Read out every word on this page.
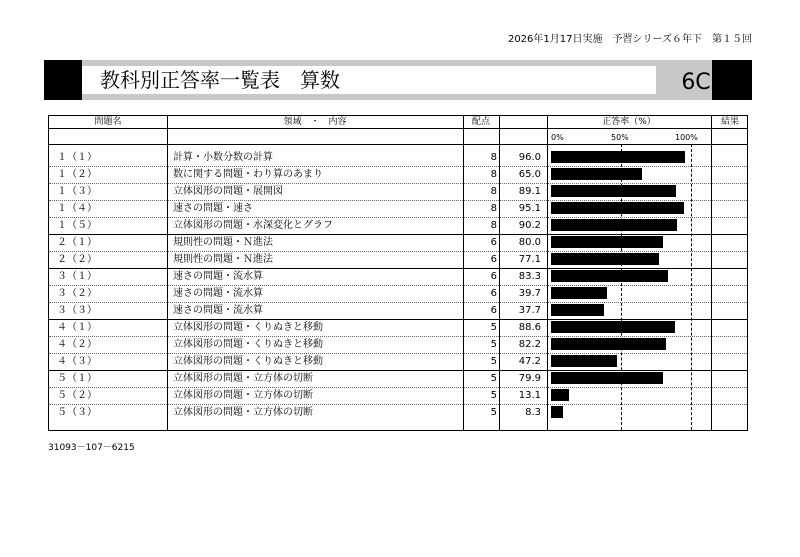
2026年1月17日実施　予習シリーズ６年下　第１５回
教科別正答率一覧表　算数	6C
問題名	領域　・　内容	配点	正答率（%）	結果
0%	50%	100%
１（１）	計算・小数分数の計算	8	96.0
１（２）	数に関する問題・わり算のあまり	8	65.0
１（３）	立体図形の問題・展開図	8	89.1
１（４）	速さの問題・速さ	8	95.1
１（５）	立体図形の問題・水深変化とグラフ	8	90.2
２（１）	規則性の問題・Ｎ進法	6	80.0
２（２）	規則性の問題・Ｎ進法	6	77.1
３（１）	速さの問題・流水算	6	83.3
３（２）	速さの問題・流水算	6	39.7
３（３）	速さの問題・流水算	6	37.7
４（１）	立体図形の問題・くりぬきと移動	5	88.6
４（２）	立体図形の問題・くりぬきと移動	5	82.2
４（３）	立体図形の問題・くりぬきと移動	5	47.2
５（１）	立体図形の問題・立方体の切断	5	79.9
５（２）	立体図形の問題・立方体の切断	5	13.1
５（３）	立体図形の問題・立方体の切断	5	8.3
31093－107－6215
